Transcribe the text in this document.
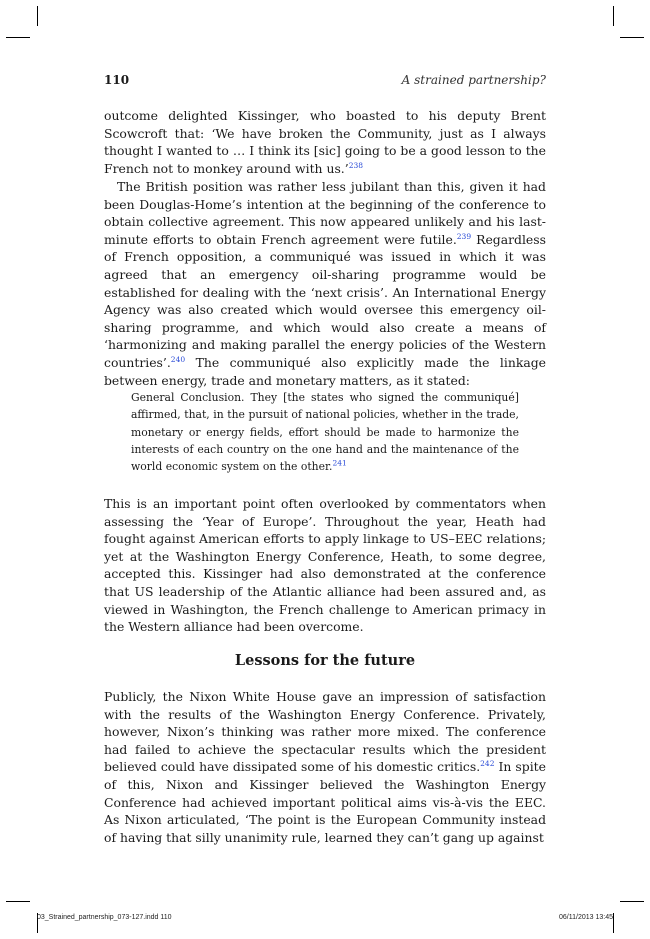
110	A strained partnership?

outcome delighted Kissinger, who boasted to his deputy Brent Scowcroft that: ‘We have broken the Community, just as I always thought I wanted to … I think its [sic] going to be a good lesson to the French not to monkey around with us.’$^{238}$

The British position was rather less jubilant than this, given it had been Douglas-Home’s intention at the beginning of the conference to obtain collective agreement. This now appeared unlikely and his last-minute efforts to obtain French agreement were futile.$^{239}$ Regardless of French opposition, a communiqué was issued in which it was agreed that an emergency oil-sharing programme would be established for dealing with the ‘next crisis’. An International Energy Agency was also created which would oversee this emergency oil-sharing programme, and which would also create a means of ‘harmonizing and making parallel the energy policies of the Western countries’.$^{240}$ The communiqué also explicitly made the linkage between energy, trade and monetary matters, as it stated:

General Conclusion. They [the states who signed the communiqué] affirmed, that, in the pursuit of national policies, whether in the trade, monetary or energy fields, effort should be made to harmonize the interests of each country on the one hand and the maintenance of the world economic system on the other.$^{241}$

This is an important point often overlooked by commentators when assessing the ‘Year of Europe’. Throughout the year, Heath had fought against American efforts to apply linkage to US–EEC relations; yet at the Washington Energy Conference, Heath, to some degree, accepted this. Kissinger had also demonstrated at the conference that US leadership of the Atlantic alliance had been assured and, as viewed in Washington, the French challenge to American primacy in the Western alliance had been overcome.

Lessons for the future

Publicly, the Nixon White House gave an impression of satisfaction with the results of the Washington Energy Conference. Privately, however, Nixon’s thinking was rather more mixed. The conference had failed to achieve the spectacular results which the president believed could have dissipated some of his domestic critics.$^{242}$ In spite of this, Nixon and Kissinger believed the Washington Energy Conference had achieved important political aims vis-à-vis the EEC. As Nixon articulated, ‘The point is the European Community instead of having that silly unanimity rule, learned they can’t gang up against

03_Strained_partnership_073-127.indd 110	06/11/2013 13:45
